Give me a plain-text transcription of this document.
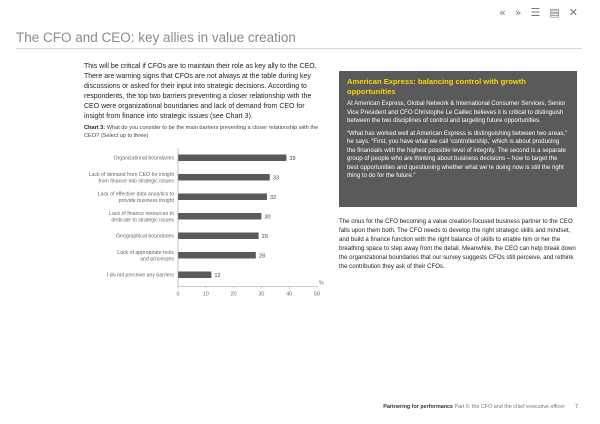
« » ☰ ▤ ✕
The CFO and CEO: key allies in value creation

This will be critical if CFOs are to maintain their role as key ally to the CEO. There are warning signs that CFOs are not always at the table during key discussions or asked for their input into strategic decisions. According to respondents, the top two barriers preventing a closer relationship with the CEO were organizational boundaries and lack of demand from CEO for insight from finance into strategic issues (see Chart 3).

Chart 3: What do you consider to be the main barriers preventing a closer relationship with the CEO? (Select up to three)

Organizational boundaries	39
Lack of demand from CEO for insight from finance into strategic issues	33
Lack of effective data analytics to provide business insight	32
Lack of finance resources to dedicate to strategic issues	30
Geographical boundaries	29
Lack of appropriate tools and processes	28
I do not perceive any barriers	12
0	10	20	30	40	50
%
American Express: balancing control with growth opportunities

At American Express, Global Network & International Consumer Services, Senior Vice President and CFO Christophe Le Caillec believes it is critical to distinguish between the two disciplines of control and targeting future opportunities.

“What has worked well at American Express is distinguishing between two areas,” he says. “First, you have what we call ‘controllership,’ which is about producing the financials with the highest possible level of integrity. The second is a separate group of people who are thinking about business decisions – how to target the best opportunities and questioning whether what we’re doing now is still the right thing to do for the future.”

The onus for the CFO becoming a value creation-focused business partner to the CEO falls upon them both. The CFO needs to develop the right strategic skills and mindset, and build a finance function with the right balance of skills to enable him or her the breathing space to step away from the detail. Meanwhile, the CEO can help break down the organizational boundaries that our survey suggests CFOs still perceive, and rethink the contribution they ask of their CFOs.

Partnering for performance Part 5: the CFO and the chief executive officer 7
